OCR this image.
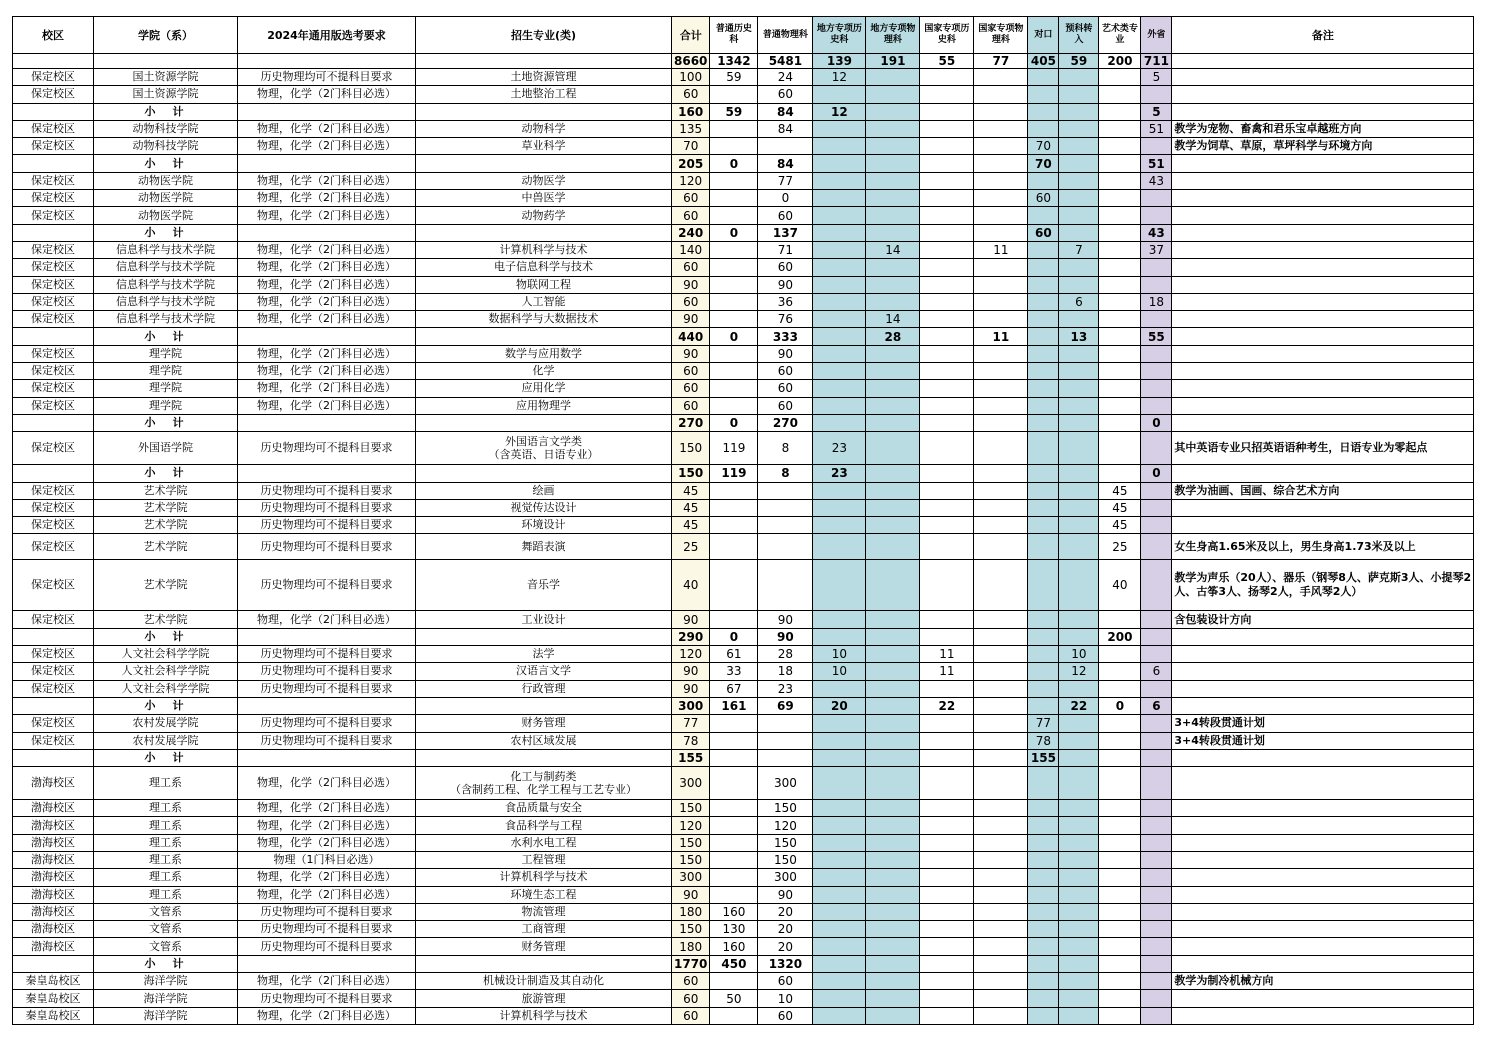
校区	学院（系）	2024年通用版选考要求	招生专业(类)	合计	普通历史科	普通物理科	地方专项历史科	地方专项物理科	国家专项历史科	国家专项物理科	对口	预科转入	艺术类专业	外省	备注
				8660	1342	5481	139	191	55	77	405	59	200	711	
保定校区	国土资源学院	历史物理均可不提科目要求	土地资源管理	100	59	24	12							5	
保定校区	国土资源学院	物理，化学（2门科目必选）	土地整治工程	60		60									
	小　计			160	59	84	12							5	
保定校区	动物科技学院	物理，化学（2门科目必选）	动物科学	135		84								51	教学为宠物、畜禽和君乐宝卓越班方向
保定校区	动物科技学院	物理，化学（2门科目必选）	草业科学	70							70				教学为饲草、草原，草坪科学与环境方向
	小　计			205	0	84					70			51	
保定校区	动物医学院	物理，化学（2门科目必选）	动物医学	120		77								43	
保定校区	动物医学院	物理，化学（2门科目必选）	中兽医学	60		0					60				
保定校区	动物医学院	物理，化学（2门科目必选）	动物药学	60		60									
	小　计			240	0	137					60			43	
保定校区	信息科学与技术学院	物理，化学（2门科目必选）	计算机科学与技术	140		71		14		11		7		37	
保定校区	信息科学与技术学院	物理，化学（2门科目必选）	电子信息科学与技术	60		60									
保定校区	信息科学与技术学院	物理，化学（2门科目必选）	物联网工程	90		90									
保定校区	信息科学与技术学院	物理，化学（2门科目必选）	人工智能	60		36						6		18	
保定校区	信息科学与技术学院	物理，化学（2门科目必选）	数据科学与大数据技术	90		76		14							
	小　计			440	0	333		28		11		13		55	
保定校区	理学院	物理，化学（2门科目必选）	数学与应用数学	90		90									
保定校区	理学院	物理，化学（2门科目必选）	化学	60		60									
保定校区	理学院	物理，化学（2门科目必选）	应用化学	60		60									
保定校区	理学院	物理，化学（2门科目必选）	应用物理学	60		60									
	小　计			270	0	270								0	
保定校区	外国语学院	历史物理均可不提科目要求	外国语言文学类
（含英语、日语专业）	150	119	8	23								其中英语专业只招英语语种考生，日语专业为零起点
	小　计			150	119	8	23							0	
保定校区	艺术学院	历史物理均可不提科目要求	绘画	45									45		教学为油画、国画、综合艺术方向
保定校区	艺术学院	历史物理均可不提科目要求	视觉传达设计	45									45		
保定校区	艺术学院	历史物理均可不提科目要求	环境设计	45									45		
保定校区	艺术学院	历史物理均可不提科目要求	舞蹈表演	25									25		女生身高1.65米及以上，男生身高1.73米及以上
保定校区	艺术学院	历史物理均可不提科目要求	音乐学	40									40		教学为声乐（20人）、器乐（钢琴8人、萨克斯3人、小提琴2人、古筝3人、扬琴2人，手风琴2人）
保定校区	艺术学院	物理，化学（2门科目必选）	工业设计	90		90									含包装设计方向
	小　计			290	0	90							200		
保定校区	人文社会科学学院	历史物理均可不提科目要求	法学	120	61	28	10		11			10			
保定校区	人文社会科学学院	历史物理均可不提科目要求	汉语言文学	90	33	18	10		11			12		6	
保定校区	人文社会科学学院	历史物理均可不提科目要求	行政管理	90	67	23									
	小　计			300	161	69	20		22			22	0	6	
保定校区	农村发展学院	历史物理均可不提科目要求	财务管理	77							77				3+4转段贯通计划
保定校区	农村发展学院	历史物理均可不提科目要求	农村区域发展	78							78				3+4转段贯通计划
	小　计			155							155				
渤海校区	理工系	物理，化学（2门科目必选）	化工与制药类
（含制药工程、化学工程与工艺专业）	300		300									
渤海校区	理工系	物理，化学（2门科目必选）	食品质量与安全	150		150									
渤海校区	理工系	物理，化学（2门科目必选）	食品科学与工程	120		120									
渤海校区	理工系	物理，化学（2门科目必选）	水利水电工程	150		150									
渤海校区	理工系	物理（1门科目必选）	工程管理	150		150									
渤海校区	理工系	物理，化学（2门科目必选）	计算机科学与技术	300		300									
渤海校区	理工系	物理，化学（2门科目必选）	环境生态工程	90		90									
渤海校区	文管系	历史物理均可不提科目要求	物流管理	180	160	20									
渤海校区	文管系	历史物理均可不提科目要求	工商管理	150	130	20									
渤海校区	文管系	历史物理均可不提科目要求	财务管理	180	160	20									
	小　计			1770	450	1320									
秦皇岛校区	海洋学院	物理，化学（2门科目必选）	机械设计制造及其自动化	60		60									教学为制冷机械方向
秦皇岛校区	海洋学院	历史物理均可不提科目要求	旅游管理	60	50	10									
秦皇岛校区	海洋学院	物理，化学（2门科目必选）	计算机科学与技术	60		60									
